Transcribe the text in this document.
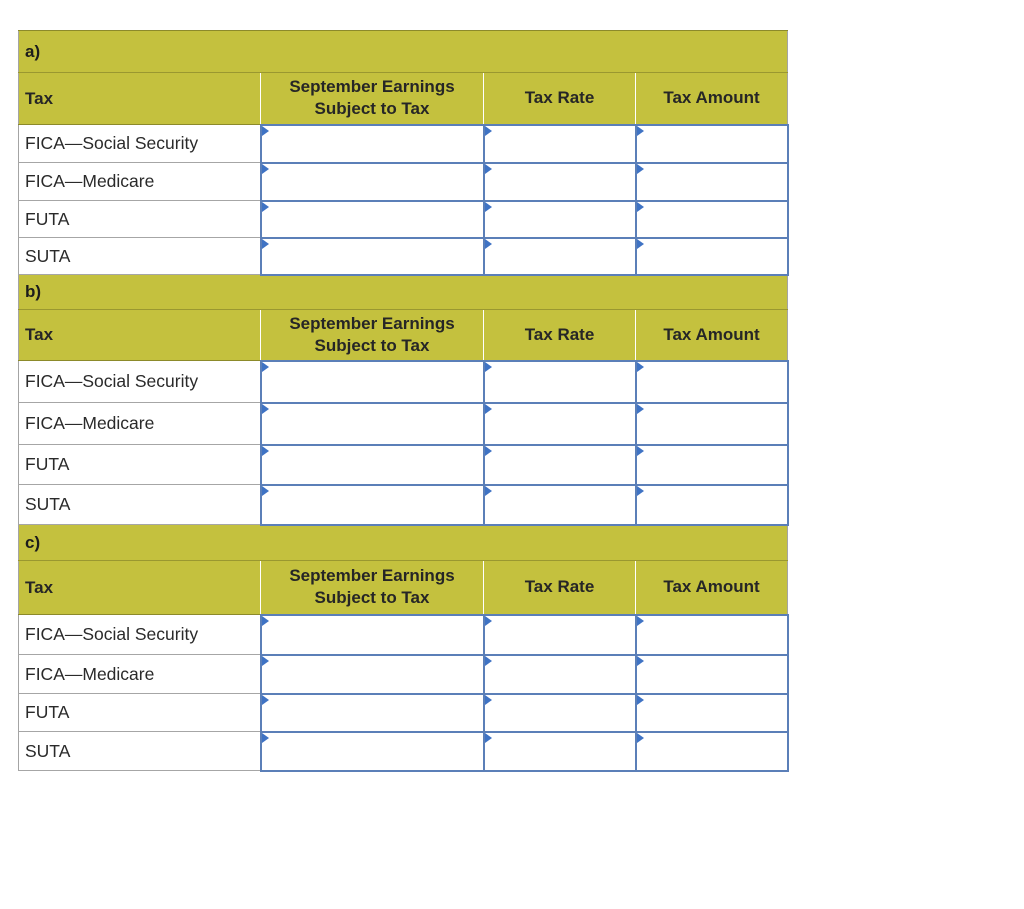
a)			
Tax	September Earnings Subject to Tax	Tax Rate	Tax Amount
FICA—Social Security	

FICA—Medicare	

FUTA	

SUTA	

b)			
Tax	September Earnings Subject to Tax	Tax Rate	Tax Amount
FICA—Social Security	

FICA—Medicare	

FUTA	

SUTA	

c)			
Tax	September Earnings Subject to Tax	Tax Rate	Tax Amount
FICA—Social Security	

FICA—Medicare	

FUTA	

SUTA	
